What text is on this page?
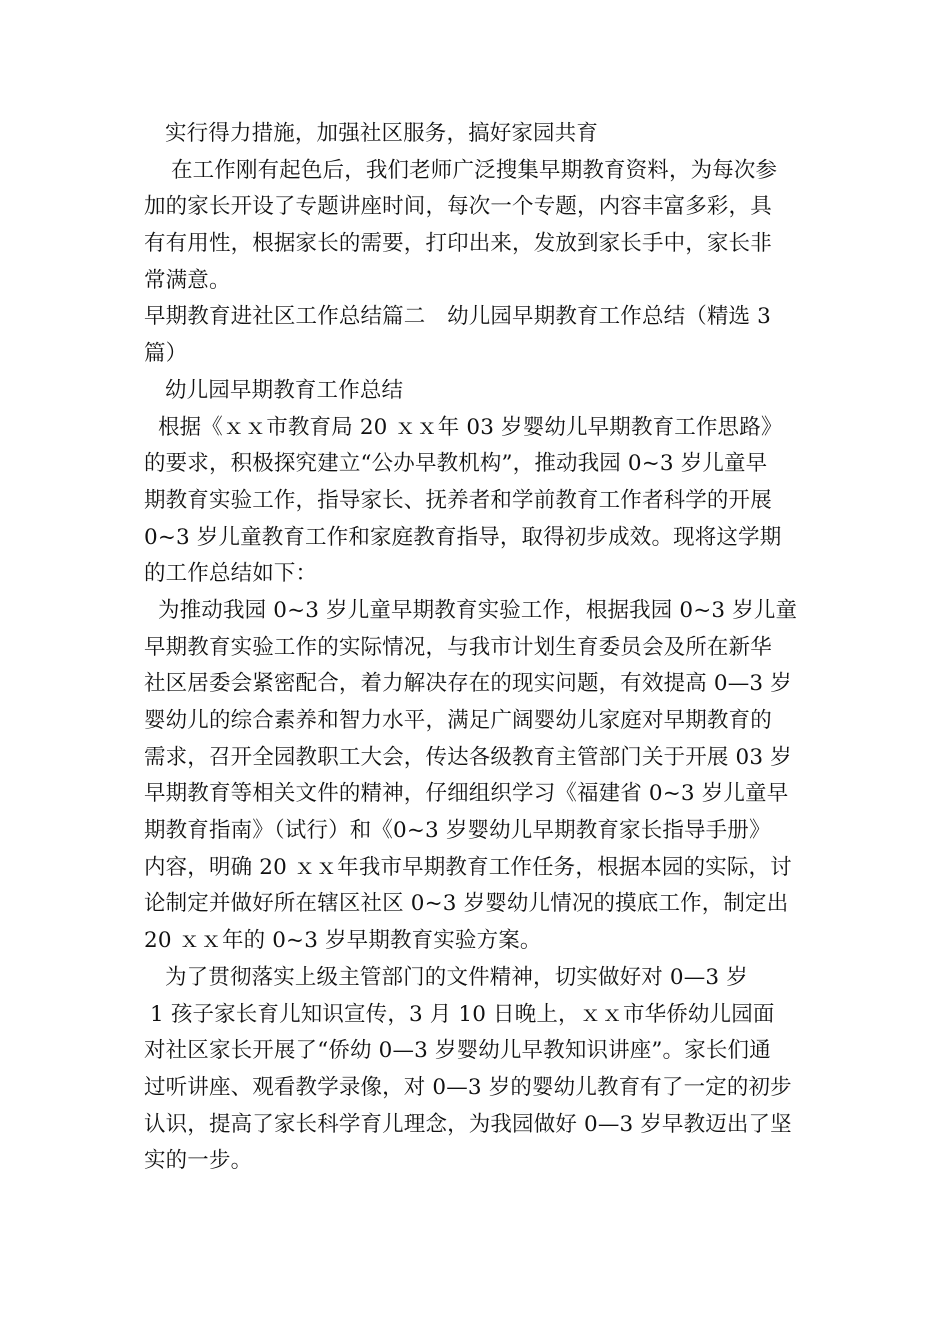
实行得力措施，加强社区服务，搞好家园共育
在工作刚有起色后，我们老师广泛搜集早期教育资料，为每次参
加的家长开设了专题讲座时间，每次一个专题，内容丰富多彩，具
有有用性，根据家长的需要，打印出来，发放到家长手中，家长非
常满意。
早期教育进社区工作总结篇二　幼儿园早期教育工作总结（精选 3
篇）
幼儿园早期教育工作总结
根据《ｘｘ市教育局 20 ｘｘ年 03 岁婴幼儿早期教育工作思路》
的要求，积极探究建立“公办早教机构”，推动我园 0~3 岁儿童早
期教育实验工作，指导家长、抚养者和学前教育工作者科学的开展
0~3 岁儿童教育工作和家庭教育指导，取得初步成效。现将这学期
的工作总结如下：
为推动我园 0~3 岁儿童早期教育实验工作，根据我园 0~3 岁儿童
早期教育实验工作的实际情况，与我市计划生育委员会及所在新华
社区居委会紧密配合，着力解决存在的现实问题，有效提高 0—3 岁
婴幼儿的综合素养和智力水平，满足广阔婴幼儿家庭对早期教育的
需求，召开全园教职工大会，传达各级教育主管部门关于开展 03 岁
早期教育等相关文件的精神，仔细组织学习《福建省 0~3 岁儿童早
期教育指南》（试行）和《0~3 岁婴幼儿早期教育家长指导手册》
内容，明确 20 ｘｘ年我市早期教育工作任务，根据本园的实际，讨
论制定并做好所在辖区社区 0~3 岁婴幼儿情况的摸底工作，制定出
20 ｘｘ年的 0~3 岁早期教育实验方案。
为了贯彻落实上级主管部门的文件精神，切实做好对 0—3 岁
1 孩子家长育儿知识宣传，3 月 10 日晚上，ｘｘ市华侨幼儿园面
对社区家长开展了“侨幼 0—3 岁婴幼儿早教知识讲座”。家长们通
过听讲座、观看教学录像，对 0—3 岁的婴幼儿教育有了一定的初步
认识，提高了家长科学育儿理念，为我园做好 0—3 岁早教迈出了坚
实的一步。
